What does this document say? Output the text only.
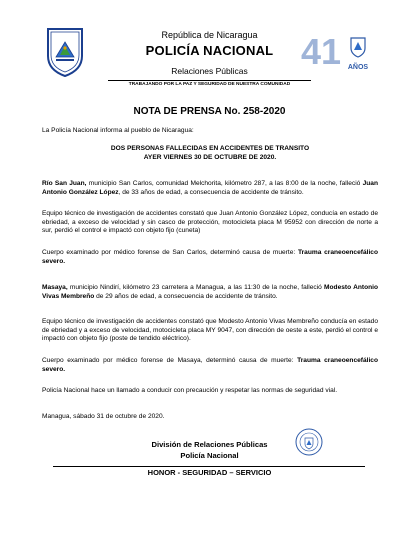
República de Nicaragua
POLICÍA NACIONAL
Relaciones Públicas	41 AÑOS
TRABAJANDO POR LA PAZ Y SEGURIDAD DE NUESTRA COMUNIDAD
NOTA DE PRENSA No. 258-2020
La Policía Nacional informa al pueblo de Nicaragua:
DOS PERSONAS FALLECIDAS EN ACCIDENTES DE TRANSITO
AYER VIERNES 30 DE OCTUBRE DE 2020.
Río San Juan, municipio San Carlos, comunidad Melchorita, kilómetro 287, a las 8:00 de la noche, falleció Juan Antonio González López, de 33 años de edad, a consecuencia de accidente de tránsito.
Equipo técnico de investigación de accidentes constató que Juan Antonio González López, conducía en estado de ebriedad, a exceso de velocidad y sin casco de protección, motocicleta placa M 95952 con dirección de norte a sur, perdió el control e impactó con objeto fijo (cuneta)
Cuerpo examinado por médico forense de San Carlos, determinó causa de muerte: Trauma craneoencefálico severo.
Masaya, municipio Nindirí, kilómetro 23 carretera a Managua, a las 11:30 de la noche, falleció Modesto Antonio Vivas Membreño de 29 años de edad, a consecuencia de accidente de tránsito.
Equipo técnico de investigación de accidentes constató que Modesto Antonio Vivas Membreño conducía en estado de ebriedad y a exceso de velocidad, motocicleta placa MY 9047, con dirección de oeste a este, perdió el control e impactó con objeto fijo (poste de tendido eléctrico).
Cuerpo examinado por médico forense de Masaya, determinó causa de muerte: Trauma craneoencefálico severo.
Policía Nacional hace un llamado a conducir con precaución y respetar las normas de seguridad vial.
Managua, sábado 31 de octubre de 2020.
División de Relaciones Públicas
Policía Nacional
HONOR - SEGURIDAD – SERVICIO
